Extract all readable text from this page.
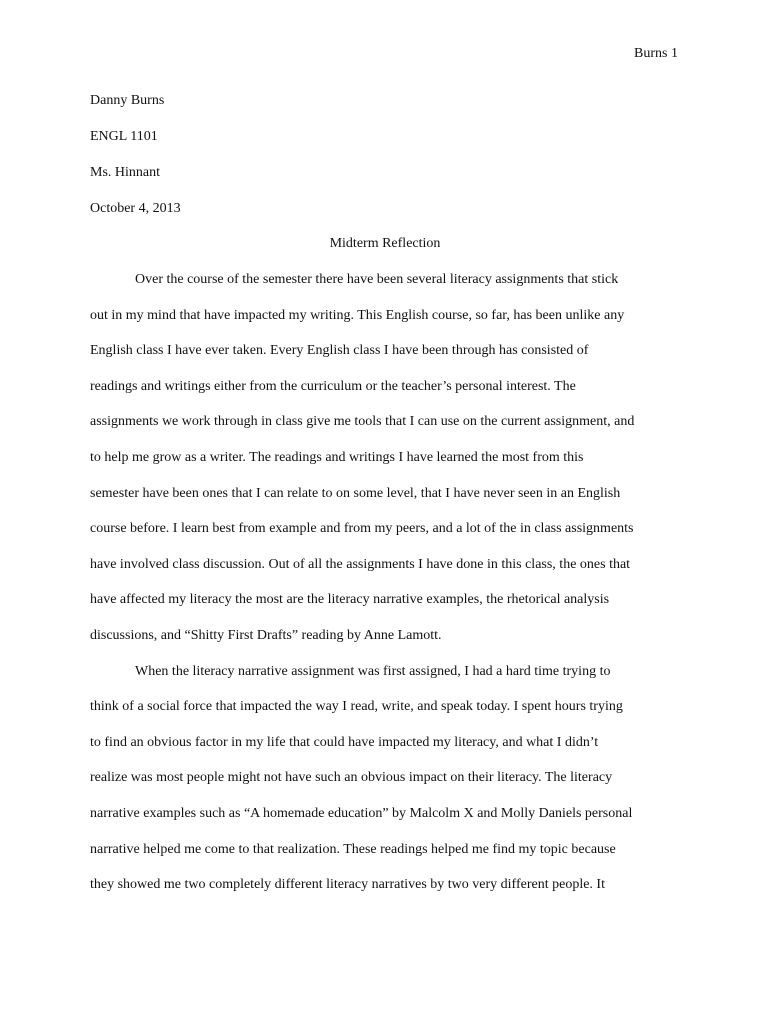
Burns 1
Danny Burns
ENGL 1101
Ms. Hinnant
October 4, 2013
Midterm Reflection
Over the course of the semester there have been several literacy assignments that stick
out in my mind that have impacted my writing. This English course, so far, has been unlike any
English class I have ever taken. Every English class I have been through has consisted of
readings and writings either from the curriculum or the teacher’s personal interest. The
assignments we work through in class give me tools that I can use on the current assignment, and
to help me grow as a writer. The readings and writings I have learned the most from this
semester have been ones that I can relate to on some level, that I have never seen in an English
course before. I learn best from example and from my peers, and a lot of the in class assignments
have involved class discussion. Out of all the assignments I have done in this class, the ones that
have affected my literacy the most are the literacy narrative examples, the rhetorical analysis
discussions, and “Shitty First Drafts” reading by Anne Lamott.
When the literacy narrative assignment was first assigned, I had a hard time trying to
think of a social force that impacted the way I read, write, and speak today. I spent hours trying
to find an obvious factor in my life that could have impacted my literacy, and what I didn’t
realize was most people might not have such an obvious impact on their literacy. The literacy
narrative examples such as “A homemade education” by Malcolm X and Molly Daniels personal
narrative helped me come to that realization. These readings helped me find my topic because
they showed me two completely different literacy narratives by two very different people. It
